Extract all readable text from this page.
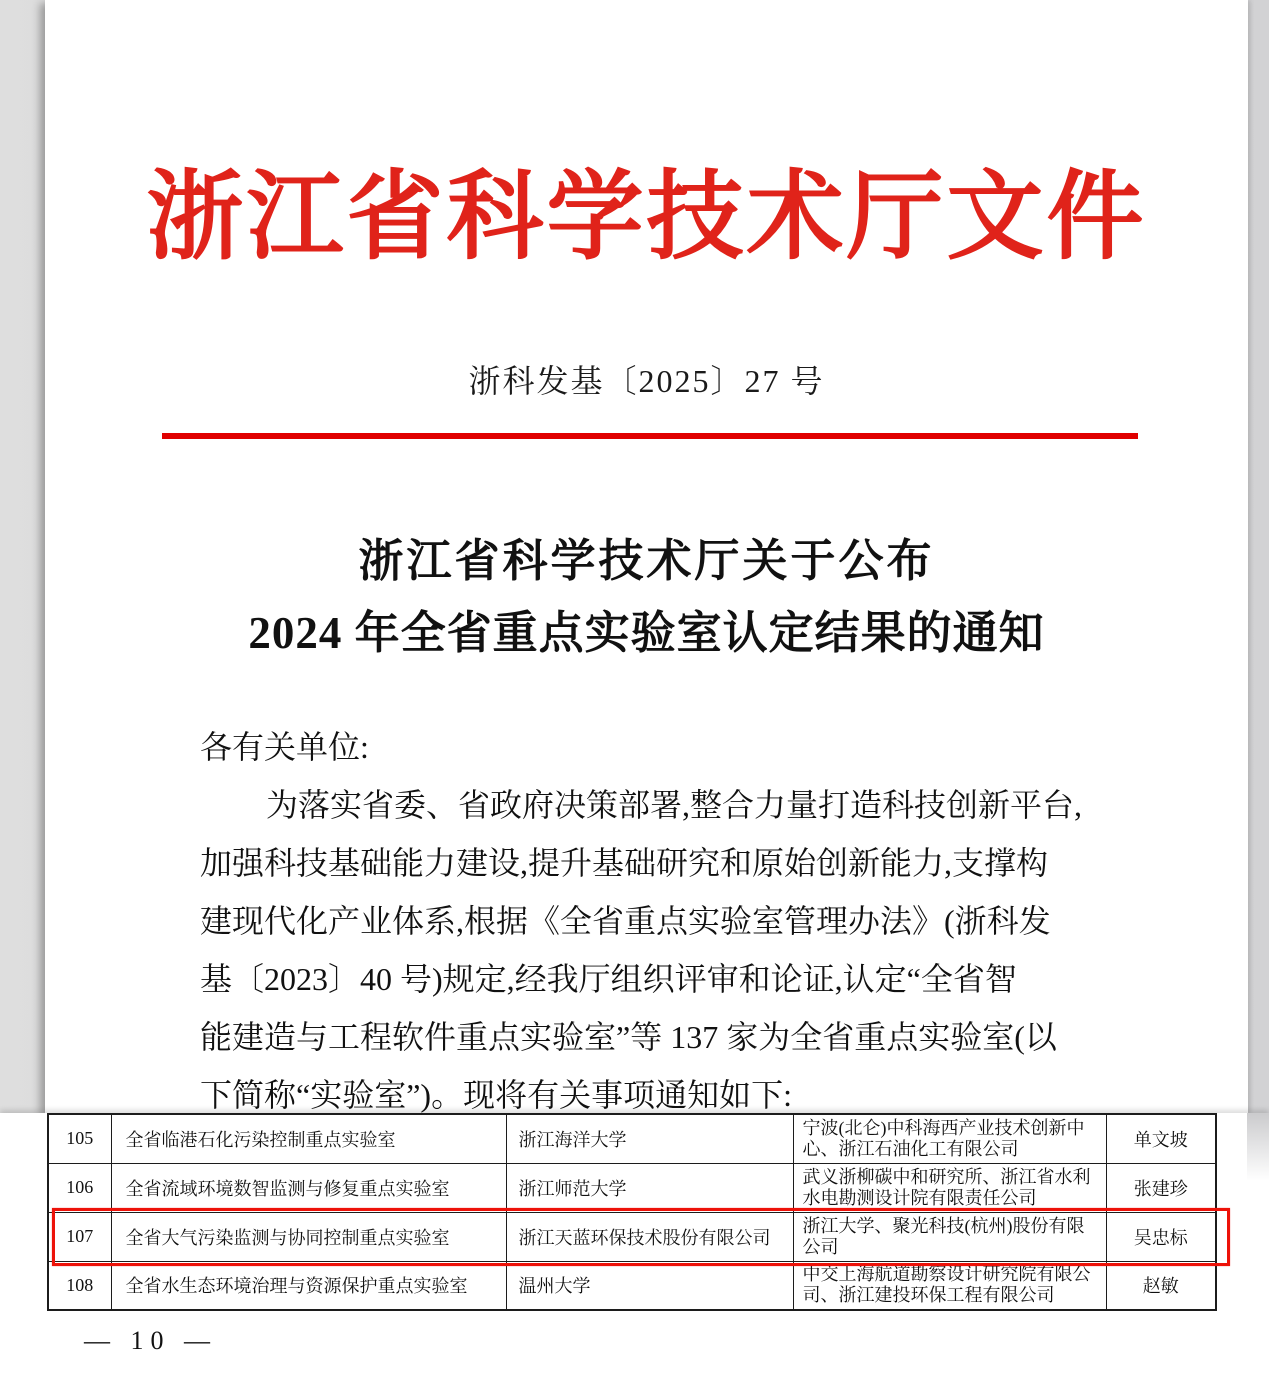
浙江省科学技术厅文件
浙科发基〔2025〕27 号
浙江省科学技术厅关于公布
2024 年全省重点实验室认定结果的通知
各有关单位:
为落实省委、省政府决策部署,整合力量打造科技创新平台,
加强科技基础能力建设,提升基础研究和原始创新能力,支撑构
建现代化产业体系,根据《全省重点实验室管理办法》(浙科发
基〔2023〕40 号)规定,经我厅组织评审和论证,认定“全省智
能建造与工程软件重点实验室”等 137 家为全省重点实验室(以
下简称“实验室”)。现将有关事项通知如下:
105	全省临港石化污染控制重点实验室	浙江海洋大学	宁波(北仑)中科海西产业技术创新中心、浙江石油化工有限公司	单文坡
106	全省流域环境数智监测与修复重点实验室	浙江师范大学	武义浙柳碳中和研究所、浙江省水利水电勘测设计院有限责任公司	张建珍
107	全省大气污染监测与协同控制重点实验室	浙江天蓝环保技术股份有限公司	浙江大学、聚光科技(杭州)股份有限公司	吴忠标
108	全省水生态环境治理与资源保护重点实验室	温州大学	中交上海航道勘察设计研究院有限公司、浙江建投环保工程有限公司	赵敏
— 10 —
